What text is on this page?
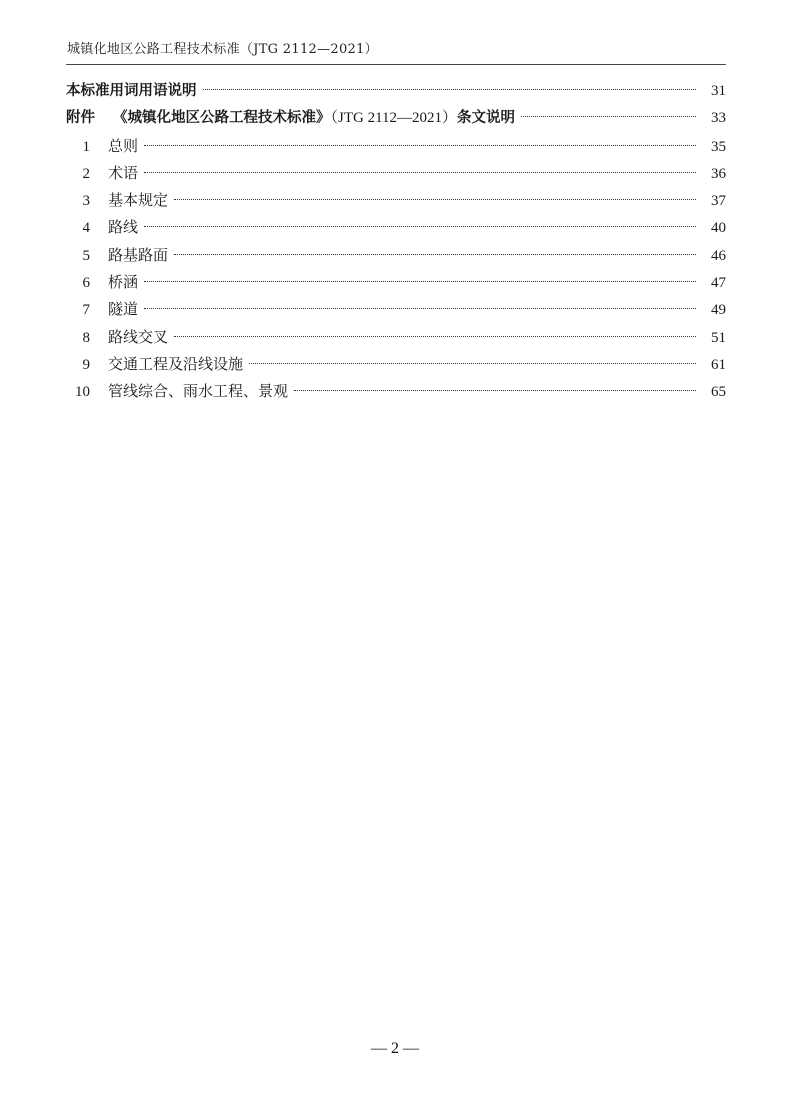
城镇化地区公路工程技术标准（JTG 2112—2021）
本标准用词用语说明	31
附件 《城镇化地区公路工程技术标准》（JTG 2112—2021）条文说明	33
1 总则	35
2 术语	36
3 基本规定	37
4 路线	40
5 路基路面	46
6 桥涵	47
7 隧道	49
8 路线交叉	51
9 交通工程及沿线设施	61
10 管线综合、雨水工程、景观	65
— 2 —
